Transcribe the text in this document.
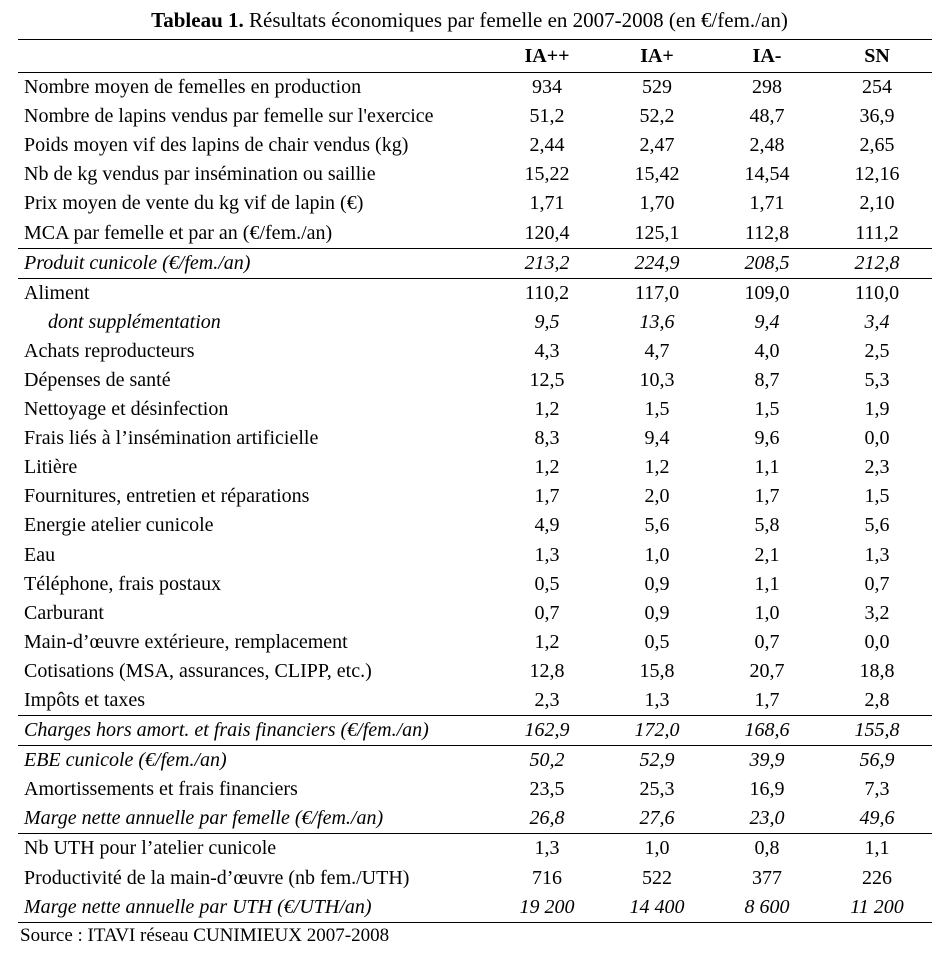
Tableau 1. Résultats économiques par femelle en 2007-2008 (en €/fem./an)
	IA++	IA+	IA-	SN
Nombre moyen de femelles en production	934	529	298	254
Nombre de lapins vendus par femelle sur l'exercice	51,2	52,2	48,7	36,9
Poids moyen vif des lapins de chair vendus (kg)	2,44	2,47	2,48	2,65
Nb de kg vendus par insémination ou saillie	15,22	15,42	14,54	12,16
Prix moyen de vente du kg vif de lapin (€)	1,71	1,70	1,71	2,10
MCA par femelle et par an (€/fem./an)	120,4	125,1	112,8	111,2
Produit cunicole (€/fem./an)	213,2	224,9	208,5	212,8
Aliment	110,2	117,0	109,0	110,0
dont supplémentation	9,5	13,6	9,4	3,4
Achats reproducteurs	4,3	4,7	4,0	2,5
Dépenses de santé	12,5	10,3	8,7	5,3
Nettoyage et désinfection	1,2	1,5	1,5	1,9
Frais liés à l’insémination artificielle	8,3	9,4	9,6	0,0
Litière	1,2	1,2	1,1	2,3
Fournitures, entretien et réparations	1,7	2,0	1,7	1,5
Energie atelier cunicole	4,9	5,6	5,8	5,6
Eau	1,3	1,0	2,1	1,3
Téléphone, frais postaux	0,5	0,9	1,1	0,7
Carburant	0,7	0,9	1,0	3,2
Main-d’œuvre extérieure, remplacement	1,2	0,5	0,7	0,0
Cotisations (MSA, assurances, CLIPP, etc.)	12,8	15,8	20,7	18,8
Impôts et taxes	2,3	1,3	1,7	2,8
Charges hors amort. et frais financiers (€/fem./an)	162,9	172,0	168,6	155,8
EBE cunicole (€/fem./an)	50,2	52,9	39,9	56,9
Amortissements et frais financiers	23,5	25,3	16,9	7,3
Marge nette annuelle par femelle (€/fem./an)	26,8	27,6	23,0	49,6
Nb UTH pour l’atelier cunicole	1,3	1,0	0,8	1,1
Productivité de la main-d’œuvre (nb fem./UTH)	716	522	377	226
Marge nette annuelle par UTH (€/UTH/an)	19 200	14 400	8 600	11 200
Source : ITAVI réseau CUNIMIEUX 2007-2008
